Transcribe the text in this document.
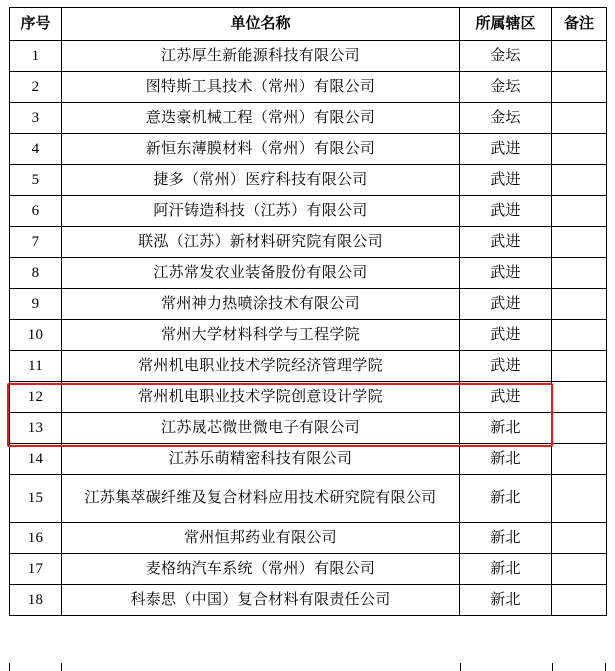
序号	单位名称	所属辖区	备注
1	江苏厚生新能源科技有限公司	金坛	
2	图特斯工具技术（常州）有限公司	金坛	
3	意迭豪机械工程（常州）有限公司	金坛	
4	新恒东薄膜材料（常州）有限公司	武进	
5	捷多（常州）医疗科技有限公司	武进	
6	阿汗铸造科技（江苏）有限公司	武进	
7	联泓（江苏）新材料研究院有限公司	武进	
8	江苏常发农业装备股份有限公司	武进	
9	常州神力热喷涂技术有限公司	武进	
10	常州大学材料科学与工程学院	武进	
11	常州机电职业技术学院经济管理学院	武进	
12	常州机电职业技术学院创意设计学院	武进	
13	江苏晟芯微世微电子有限公司	新北	
14	江苏乐萌精密科技有限公司	新北	
15	江苏集萃碳纤维及复合材料应用技术研究院有限公司	新北	
16	常州恒邦药业有限公司	新北	
17	麦格纳汽车系统（常州）有限公司	新北	
18	科泰思（中国）复合材料有限责任公司	新北	
